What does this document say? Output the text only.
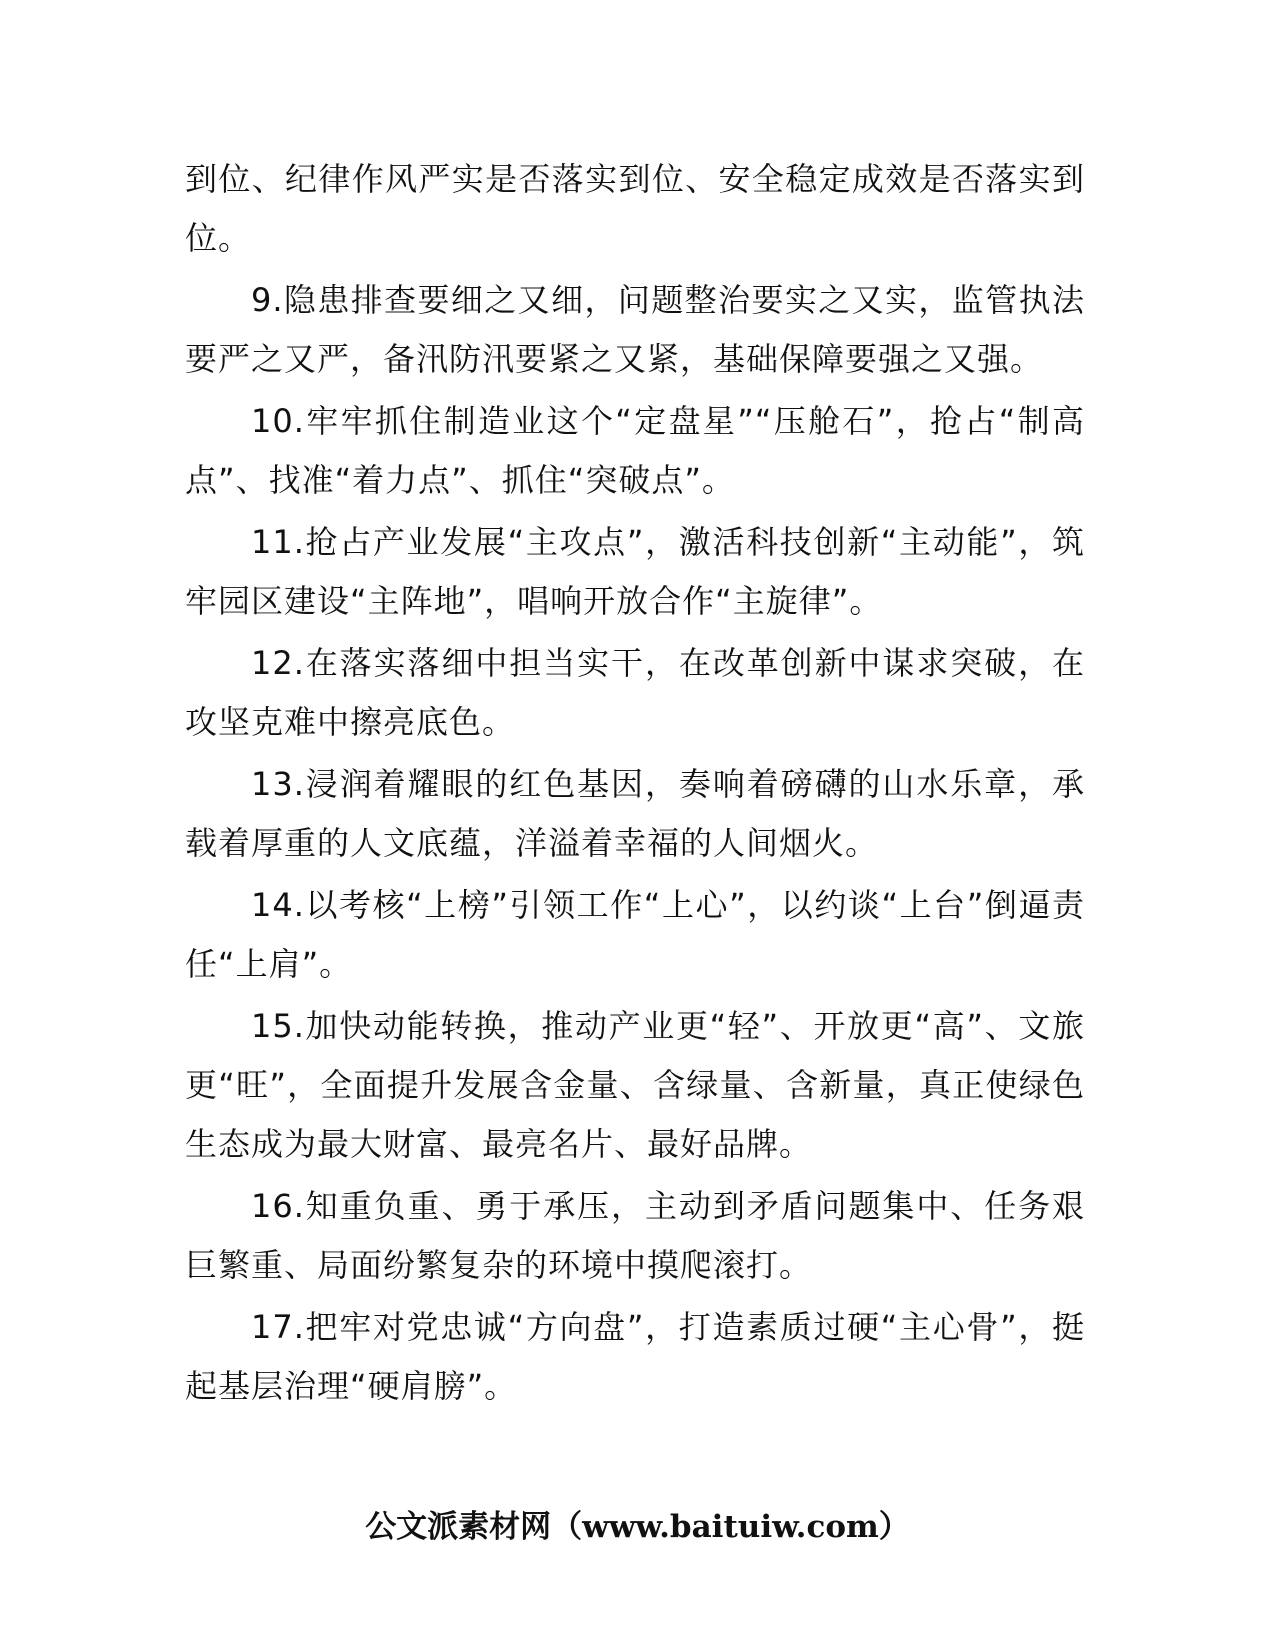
到位、纪律作风严实是否落实到位、安全稳定成效是否落实到位。

9.隐患排查要细之又细，问题整治要实之又实，监管执法要严之又严，备汛防汛要紧之又紧，基础保障要强之又强。

10.牢牢抓住制造业这个“定盘星”“压舱石”，抢占“制高点”、找准“着力点”、抓住“突破点”。

11.抢占产业发展“主攻点”，激活科技创新“主动能”，筑牢园区建设“主阵地”，唱响开放合作“主旋律”。

12.在落实落细中担当实干，在改革创新中谋求突破，在攻坚克难中擦亮底色。

13.浸润着耀眼的红色基因，奏响着磅礴的山水乐章，承载着厚重的人文底蕴，洋溢着幸福的人间烟火。

14.以考核“上榜”引领工作“上心”，以约谈“上台”倒逼责任“上肩”。

15.加快动能转换，推动产业更“轻”、开放更“高”、文旅更“旺”，全面提升发展含金量、含绿量、含新量，真正使绿色生态成为最大财富、最亮名片、最好品牌。

16.知重负重、勇于承压，主动到矛盾问题集中、任务艰巨繁重、局面纷繁复杂的环境中摸爬滚打。

17.把牢对党忠诚“方向盘”，打造素质过硬“主心骨”，挺起基层治理“硬肩膀”。

公文派素材网（www.baituiw.com）
